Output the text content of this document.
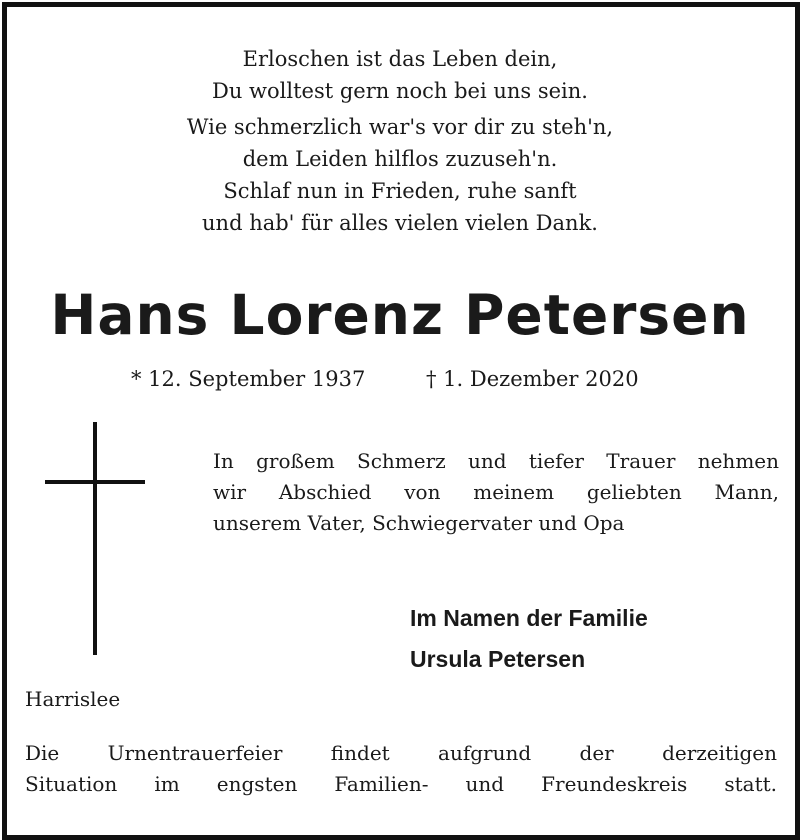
Erloschen ist das Leben dein,
Du wolltest gern noch bei uns sein.
Wie schmerzlich war's vor dir zu steh'n,
dem Leiden hilflos zuzuseh'n.
Schlaf nun in Frieden, ruhe sanft
und hab' für alles vielen vielen Dank.
Hans Lorenz Petersen
* 12. September 1937	† 1. Dezember 2020
In großem Schmerz und tiefer Trauer nehmen
wir Abschied von meinem geliebten Mann,
unserem Vater, Schwiegervater und Opa
Im Namen der Familie
Ursula Petersen
Harrislee
Die Urnentrauerfeier findet aufgrund der derzeitigen
Situation im engsten Familien- und Freundeskreis statt.
